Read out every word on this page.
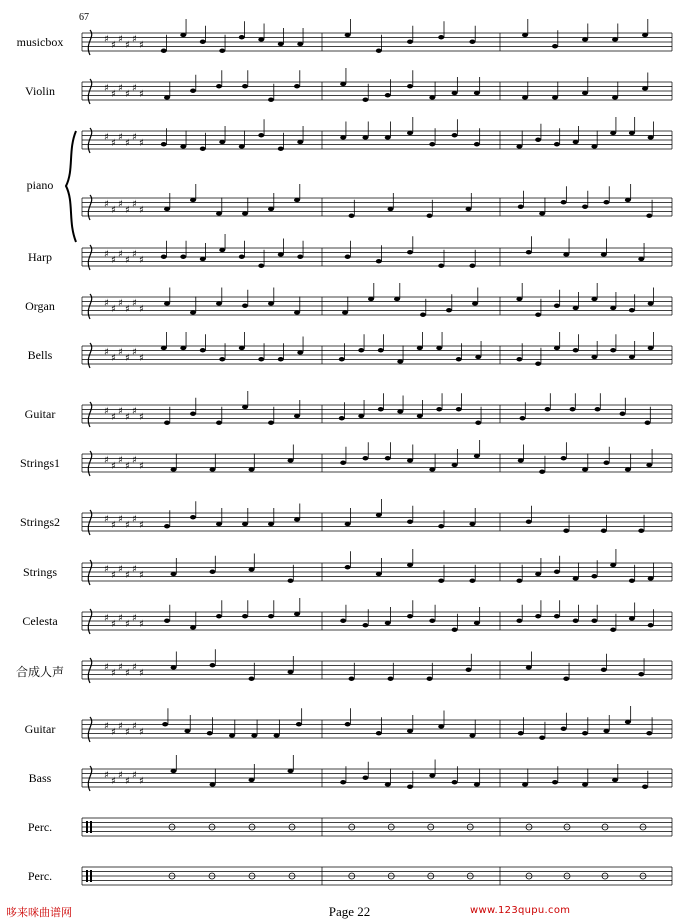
♯
♯
♯
♯
♯
♯
♯
♯
♯
♯
♯
♯
♯
♯
♯
♯
♯
♯
♯
♯
♯
♯
♯
♯
♯
♯
♯
♯
♯
♯
♯
♯
♯
♯
♯
♯
♯
♯
♯
♯
♯
♯
♯
♯
♯
♯
♯
♯
♯
♯
♯
♯
♯
♯
♯
♯
♯
♯
♯
♯
♯
♯
♯
♯
♯
♯
♯
♯
♯
♯
♯
♯
♯
♯
♯
♯
♯
♯
♯
♯
♯
♯
♯
♯
♯
♯
♯
♯
♯
♯
67
musicbox
Violin
piano
Harp
Organ
Bells
Guitar
Strings1
Strings2
Strings
Celesta
合成人声
Guitar
Bass
Perc.
Perc.
哆来咪曲谱网	Page 22	www.123qupu.com
